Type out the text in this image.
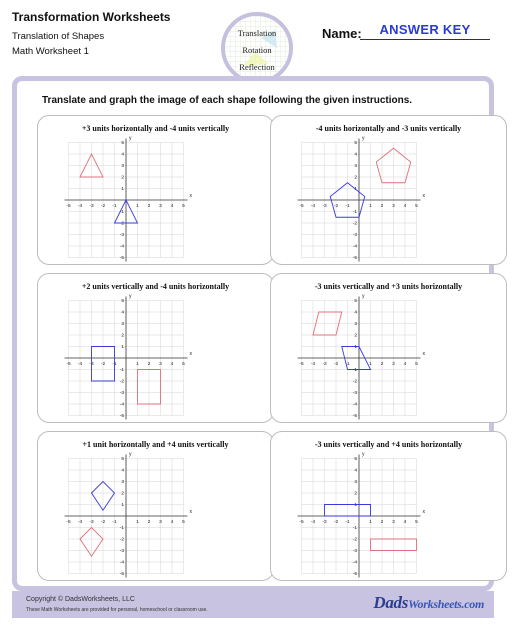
Transformation Worksheets
Translation of Shapes
Math Worksheet 1
Translation
Rotation
Reflection
Name:	ANSWER KEY
Translate and graph the image of each shape following the given instructions.
+3 units horizontally and -4 units vertically
-5
-5
-4
-4
-3
-3
-2
-2
-1
-1
1
1
2
2
3
3
4
4
5
5
x
y
-4 units horizontally and -3 units vertically
-5
-5
-4
-4
-3
-3
-2
-2
-1
-1
1
1
2
2
3
3
4
4
5
5
x
y
+2 units vertically and -4 units horizontally
-5
-5
-4
-4
-3
-3
-2
-2
-1
-1
1
1
2
2
3
3
4
4
5
5
x
y
-3 units vertically and +3 units horizontally
-5
-5
-4
-4
-3
-3
-2
-2
-1
-1
1
1
2
2
3
3
4
4
5
5
x
y
+1 unit horizontally and +4 units vertically
-5
-5
-4
-4
-3
-3
-2
-2
-1
-1
1
1
2
2
3
3
4
4
5
5
x
y
-3 units vertically and +4 units horizontally
-5
-5
-4
-4
-3
-3
-2
-2
-1
-1
1
1
2
2
3
3
4
4
5
5
x
y
Copyright © DadsWorksheets, LLC
These Math Worksheets are provided for personal, homeschool or classroom use.	DadsWorksheets.com
